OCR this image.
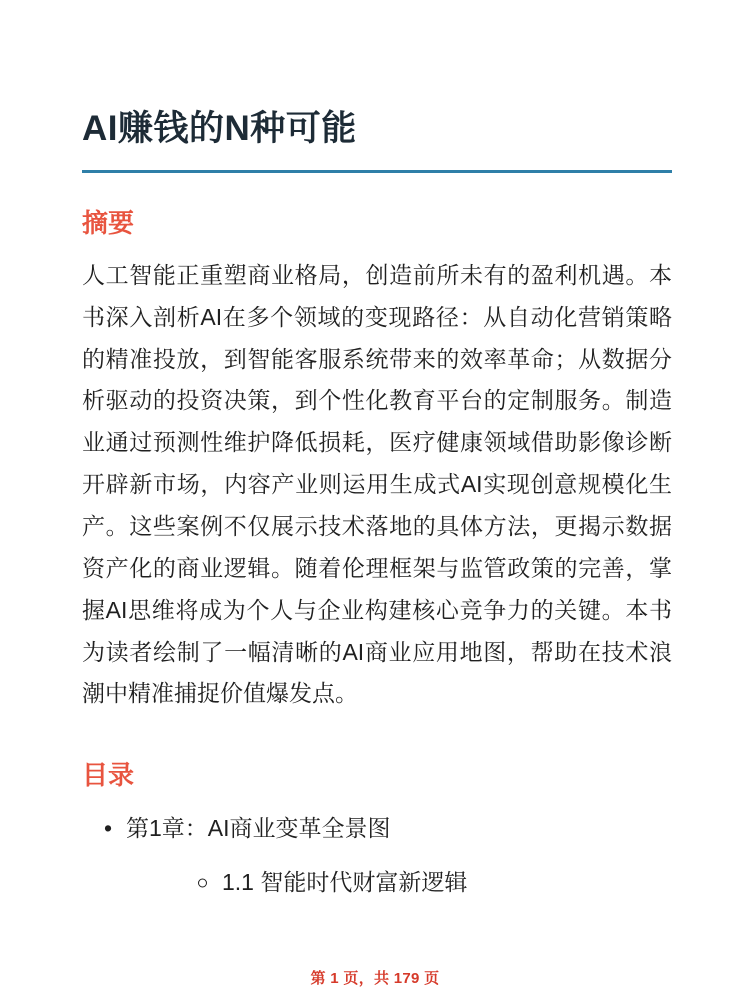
AI赚钱的N种可能
摘要

人工智能正重塑商业格局，创造前所未有的盈利机遇。本书深入剖析AI在多个领域的变现路径：从自动化营销策略的精准投放，到智能客服系统带来的效率革命；从数据分析驱动的投资决策，到个性化教育平台的定制服务。制造业通过预测性维护降低损耗，医疗健康领域借助影像诊断开辟新市场，内容产业则运用生成式AI实现创意规模化生产。这些案例不仅展示技术落地的具体方法，更揭示数据资产化的商业逻辑。随着伦理框架与监管政策的完善，掌握AI思维将成为个人与企业构建核心竞争力的关键。本书为读者绘制了一幅清晰的AI商业应用地图，帮助在技术浪潮中精准捕捉价值爆发点。

目录
• 第1章：AI商业变革全景图
1.1 智能时代财富新逻辑
第 1 页，共 179 页
